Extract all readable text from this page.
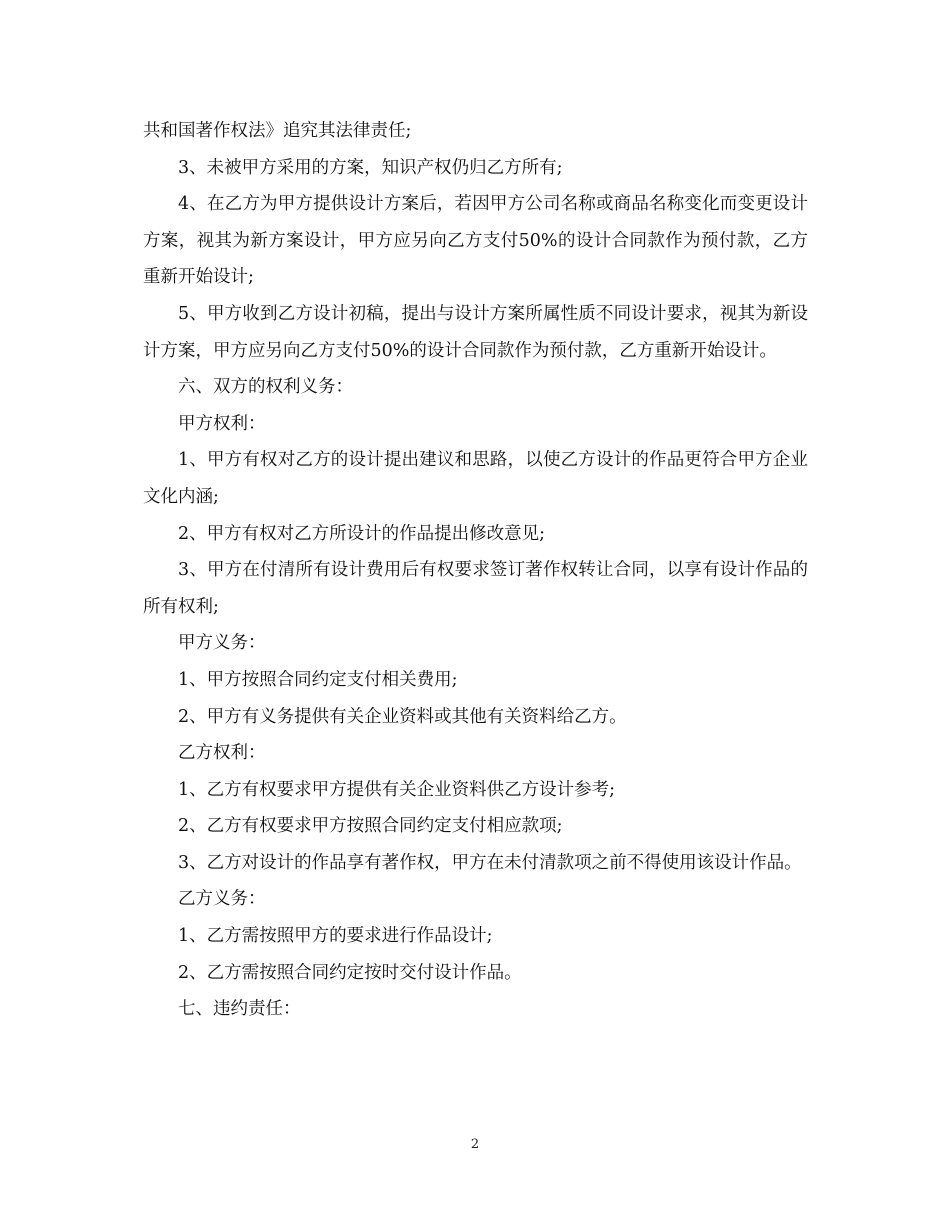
共和国著作权法》追究其法律责任;

3、未被甲方采用的方案，知识产权仍归乙方所有;

4、在乙方为甲方提供设计方案后，若因甲方公司名称或商品名称变化而变更设计方案，视其为新方案设计，甲方应另向乙方支付50%的设计合同款作为预付款，乙方重新开始设计;

5、甲方收到乙方设计初稿，提出与设计方案所属性质不同设计要求，视其为新设计方案，甲方应另向乙方支付50%的设计合同款作为预付款，乙方重新开始设计。

六、双方的权利义务：

甲方权利：

1、甲方有权对乙方的设计提出建议和思路，以使乙方设计的作品更符合甲方企业文化内涵;

2、甲方有权对乙方所设计的作品提出修改意见;

3、甲方在付清所有设计费用后有权要求签订著作权转让合同，以享有设计作品的所有权利;

甲方义务：

1、甲方按照合同约定支付相关费用;

2、甲方有义务提供有关企业资料或其他有关资料给乙方。

乙方权利：

1、乙方有权要求甲方提供有关企业资料供乙方设计参考;

2、乙方有权要求甲方按照合同约定支付相应款项;

3、乙方对设计的作品享有著作权，甲方在未付清款项之前不得使用该设计作品。

乙方义务：

1、乙方需按照甲方的要求进行作品设计;

2、乙方需按照合同约定按时交付设计作品。

七、违约责任：

2
